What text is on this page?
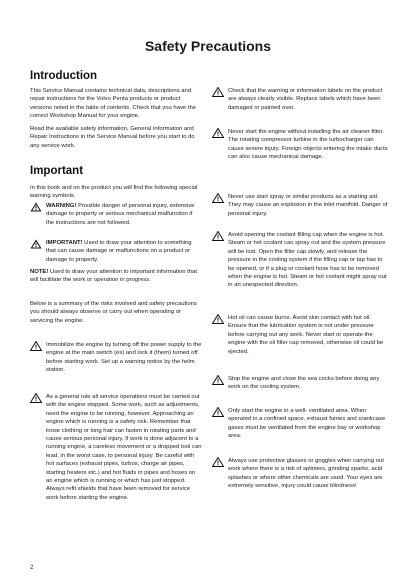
Safety Precautions
Introduction

This Service Manual contains technical data, descriptions and repair instructions for the Volvo Penta products or product versions noted in the table of contents. Check that you have the correct Workshop Manual for your engine.

Read the available safety information, General Information and Repair Instructions in the Service Manual before you start to do any service work.

Important

In this book and on the product you will find the following special warning symbols.

WARNING! Possible danger of personal injury, extensive damage to property or serious mechanical malfunction if the instructions are not followed.

IMPORTANT! Used to draw your attention to something that can cause damage or malfunctions on a product or damage to property.

NOTE! Used to draw your attention to important information that will facilitate the work or operation in progress.

Below is a summary of the risks involved and safety precautions you should always observe or carry out when operating or servicing the engine.

Immobilize the engine by turning off the power supply to the engine at the main switch (es) and lock it (them) turned off before starting work. Set up a warning notice by the helm station.

As a general rule all service operations must be carried out with the engine stopped. Some work, such as adjustments, need the engine to be running, however. Approaching an engine which is running is a safety risk. Remember that loose clothing or long hair can fasten in rotating parts and cause serious personal injury. If work is done adjacent to a running engine, a careless movement or a dropped tool can lead, in the worst case, to personal injury. Be careful with hot surfaces (exhaust pipes, turbos, charge air pipes, starting heaters etc.) and hot fluids in pipes and hoses on an engine which is running or which has just stopped. Always refit shields that have been removed for service work before starting the engine.

Check that the warning or information labels on the product are always clearly visible. Replace labels which have been damaged or painted over.

Never start the engine without installing the air cleaner filter. The rotating compressor turbine in the turbocharger can cause severe injury. Foreign objects entering the intake ducts can also cause mechanical damage.

Never use start spray or similar products as a starting aid. They may cause an explosion in the inlet manifold. Danger of personal injury.

Avoid opening the coolant filling cap when the engine is hot. Steam or hot coolant can spray out and the system pressure will be lost. Open the filler cap slowly, and release the pressure in the cooling system if the filling cap or tap has to be opened, or if a plug or coolant hose has to be removed when the engine is hot. Steam or hot coolant might spray out in an unexpected direction.

Hot oil can cause burns. Avoid skin contact with hot oil. Ensure that the lubrication system is not under pressure before carrying out any work. Never start or operate the engine with the oil filler cap removed, otherwise oil could be ejected.

Stop the engine and close the sea cocks before doing any work on the cooling system.

Only start the engine in a well- ventilated area. When operated in a confined space, exhaust fumes and crankcase gases must be ventilated from the engine bay or workshop area.

Always use protective glasses or goggles when carrying out work where there is a risk of splinters, grinding sparks, acid splashes or where other chemicals are used. Your eyes are extremely sensitive, injury could cause blindness!

2
